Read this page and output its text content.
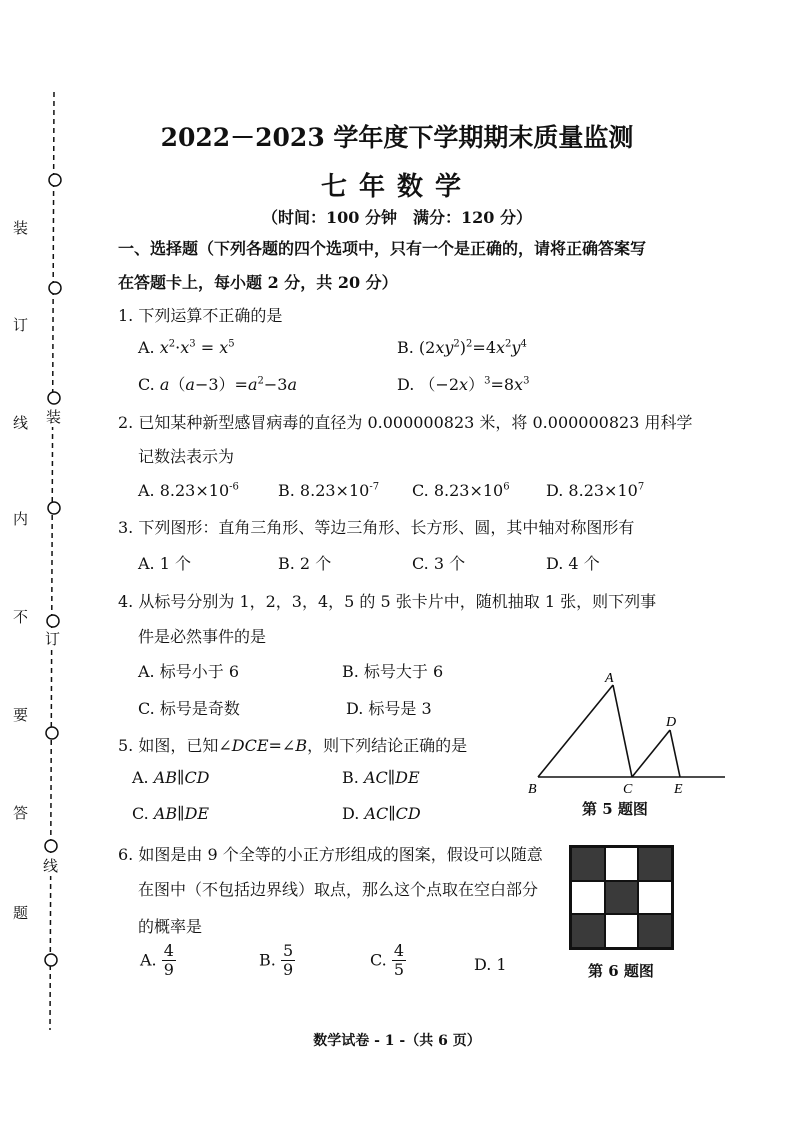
装
订
线
内
不
要
答
题
装
订
线
2022－2023 学年度下学期期末质量监测
七年数学
（时间：100 分钟　满分：120 分）
一、选择题（下列各题的四个选项中，只有一个是正确的，请将正确答案写
在答题卡上，每小题 2 分，共 20 分）
1. 下列运算不正确的是
A. $x^2\cdot x^3 = x^5$	B. $(2xy^2)^2=4x^2y^4$
C. $a(a-3)=a^2-3a$	D. $(-2x)^3=8x^3$
2. 已知某种新型感冒病毒的直径为 0.000000823 米，将 0.000000823 用科学
记数法表示为
A. $8.23\times 10^{-6}$ B. $8.23\times 10^{-7}$ C. $8.23\times 10^6$ D. $8.23\times 10^7$
3. 下列图形：直角三角形、等边三角形、长方形、圆，其中轴对称图形有
A. 1 个	B. 2 个	C. 3 个	D. 4 个
4. 从标号分别为 1，2，3，4，5 的 5 张卡片中，随机抽取 1 张，则下列事
件是必然事件的是
A. 标号小于 6	B. 标号大于 6
C. 标号是奇数	D. 标号是 3
5. 如图，已知∠DCE=∠B，则下列结论正确的是
A. AB∥CD	B. AC∥DE
C. AB∥DE	D. AC∥CD
A
D
B	C	E
第 5 题图
6. 如图是由 9 个全等的小正方形组成的图案，假设可以随意
在图中（不包括边界线）取点，那么这个点取在空白部分
的概率是
A. $\frac{4}{9}$	B. $\frac{5}{9}$	C. $\frac{4}{5}$	D. 1	第 6 题图
数学试卷 - 1 -（共 6 页）
